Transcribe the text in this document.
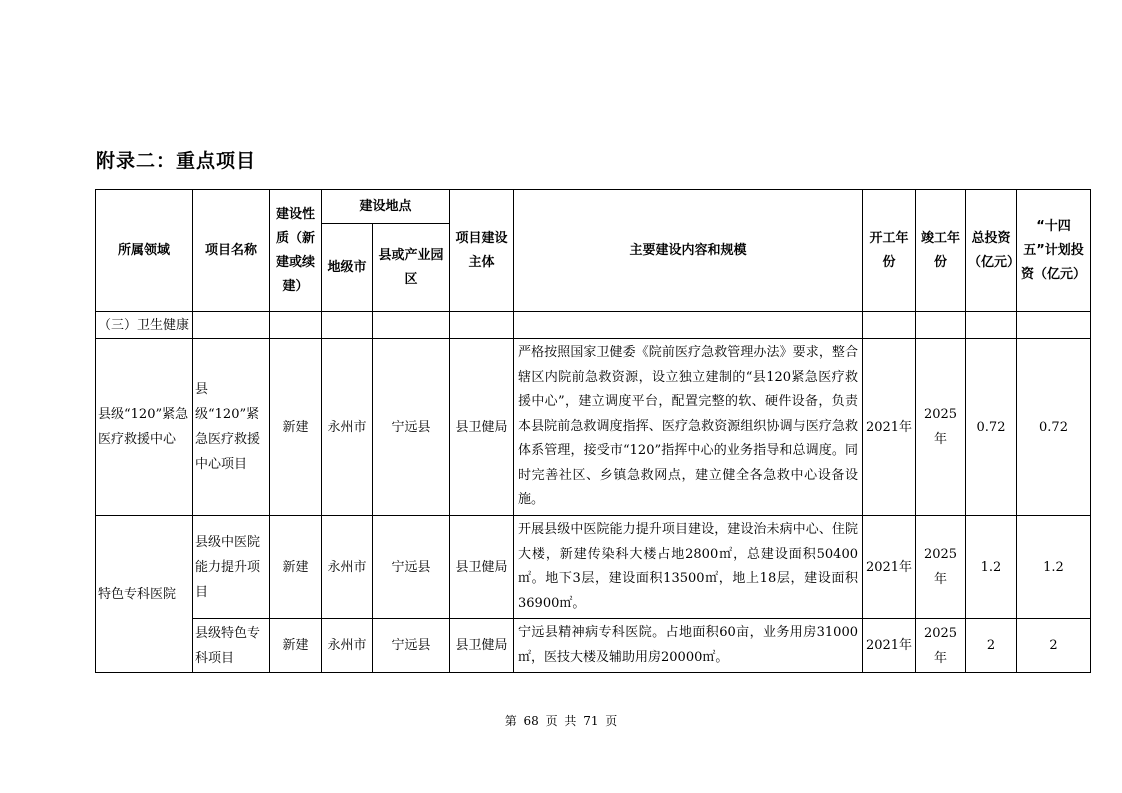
附录二：重点项目
所属领域	项目名称	建设性质（新建或续建）	建设地点		项目建设主体	主要建设内容和规模	开工年份	竣工年份	总投资（亿元）	“十四五”计划投资（亿元）
			地级市	县或产业园区						
（三）卫生健康										
县级“120”紧急医疗救援中心	县级“120”紧急医疗救援中心项目	新建	永州市	宁远县	县卫健局	严格按照国家卫健委《院前医疗急救管理办法》要求，整合辖区内院前急救资源，设立独立建制的“县120紧急医疗救援中心”，建立调度平台，配置完整的软、硬件设备，负责本县院前急救调度指挥、医疗急救资源组织协调与医疗急救体系管理，接受市“120”指挥中心的业务指导和总调度。同时完善社区、乡镇急救网点，建立健全各急救中心设备设施。	2021年	2025年	0.72	0.72
特色专科医院	县级中医院能力提升项目	新建	永州市	宁远县	县卫健局	开展县级中医院能力提升项目建设，建设治未病中心、住院大楼，新建传染科大楼占地2800㎡，总建设面积50400㎡。地下3层，建设面积13500㎡，地上18层，建设面积36900㎡。	2021年	2025年	1.2	1.2
	县级特色专科项目	新建	永州市	宁远县	县卫健局	宁远县精神病专科医院。占地面积60亩，业务用房31000㎡，医技大楼及辅助用房20000㎡。	2021年	2025年	2	2
第 68 页 共 71 页
